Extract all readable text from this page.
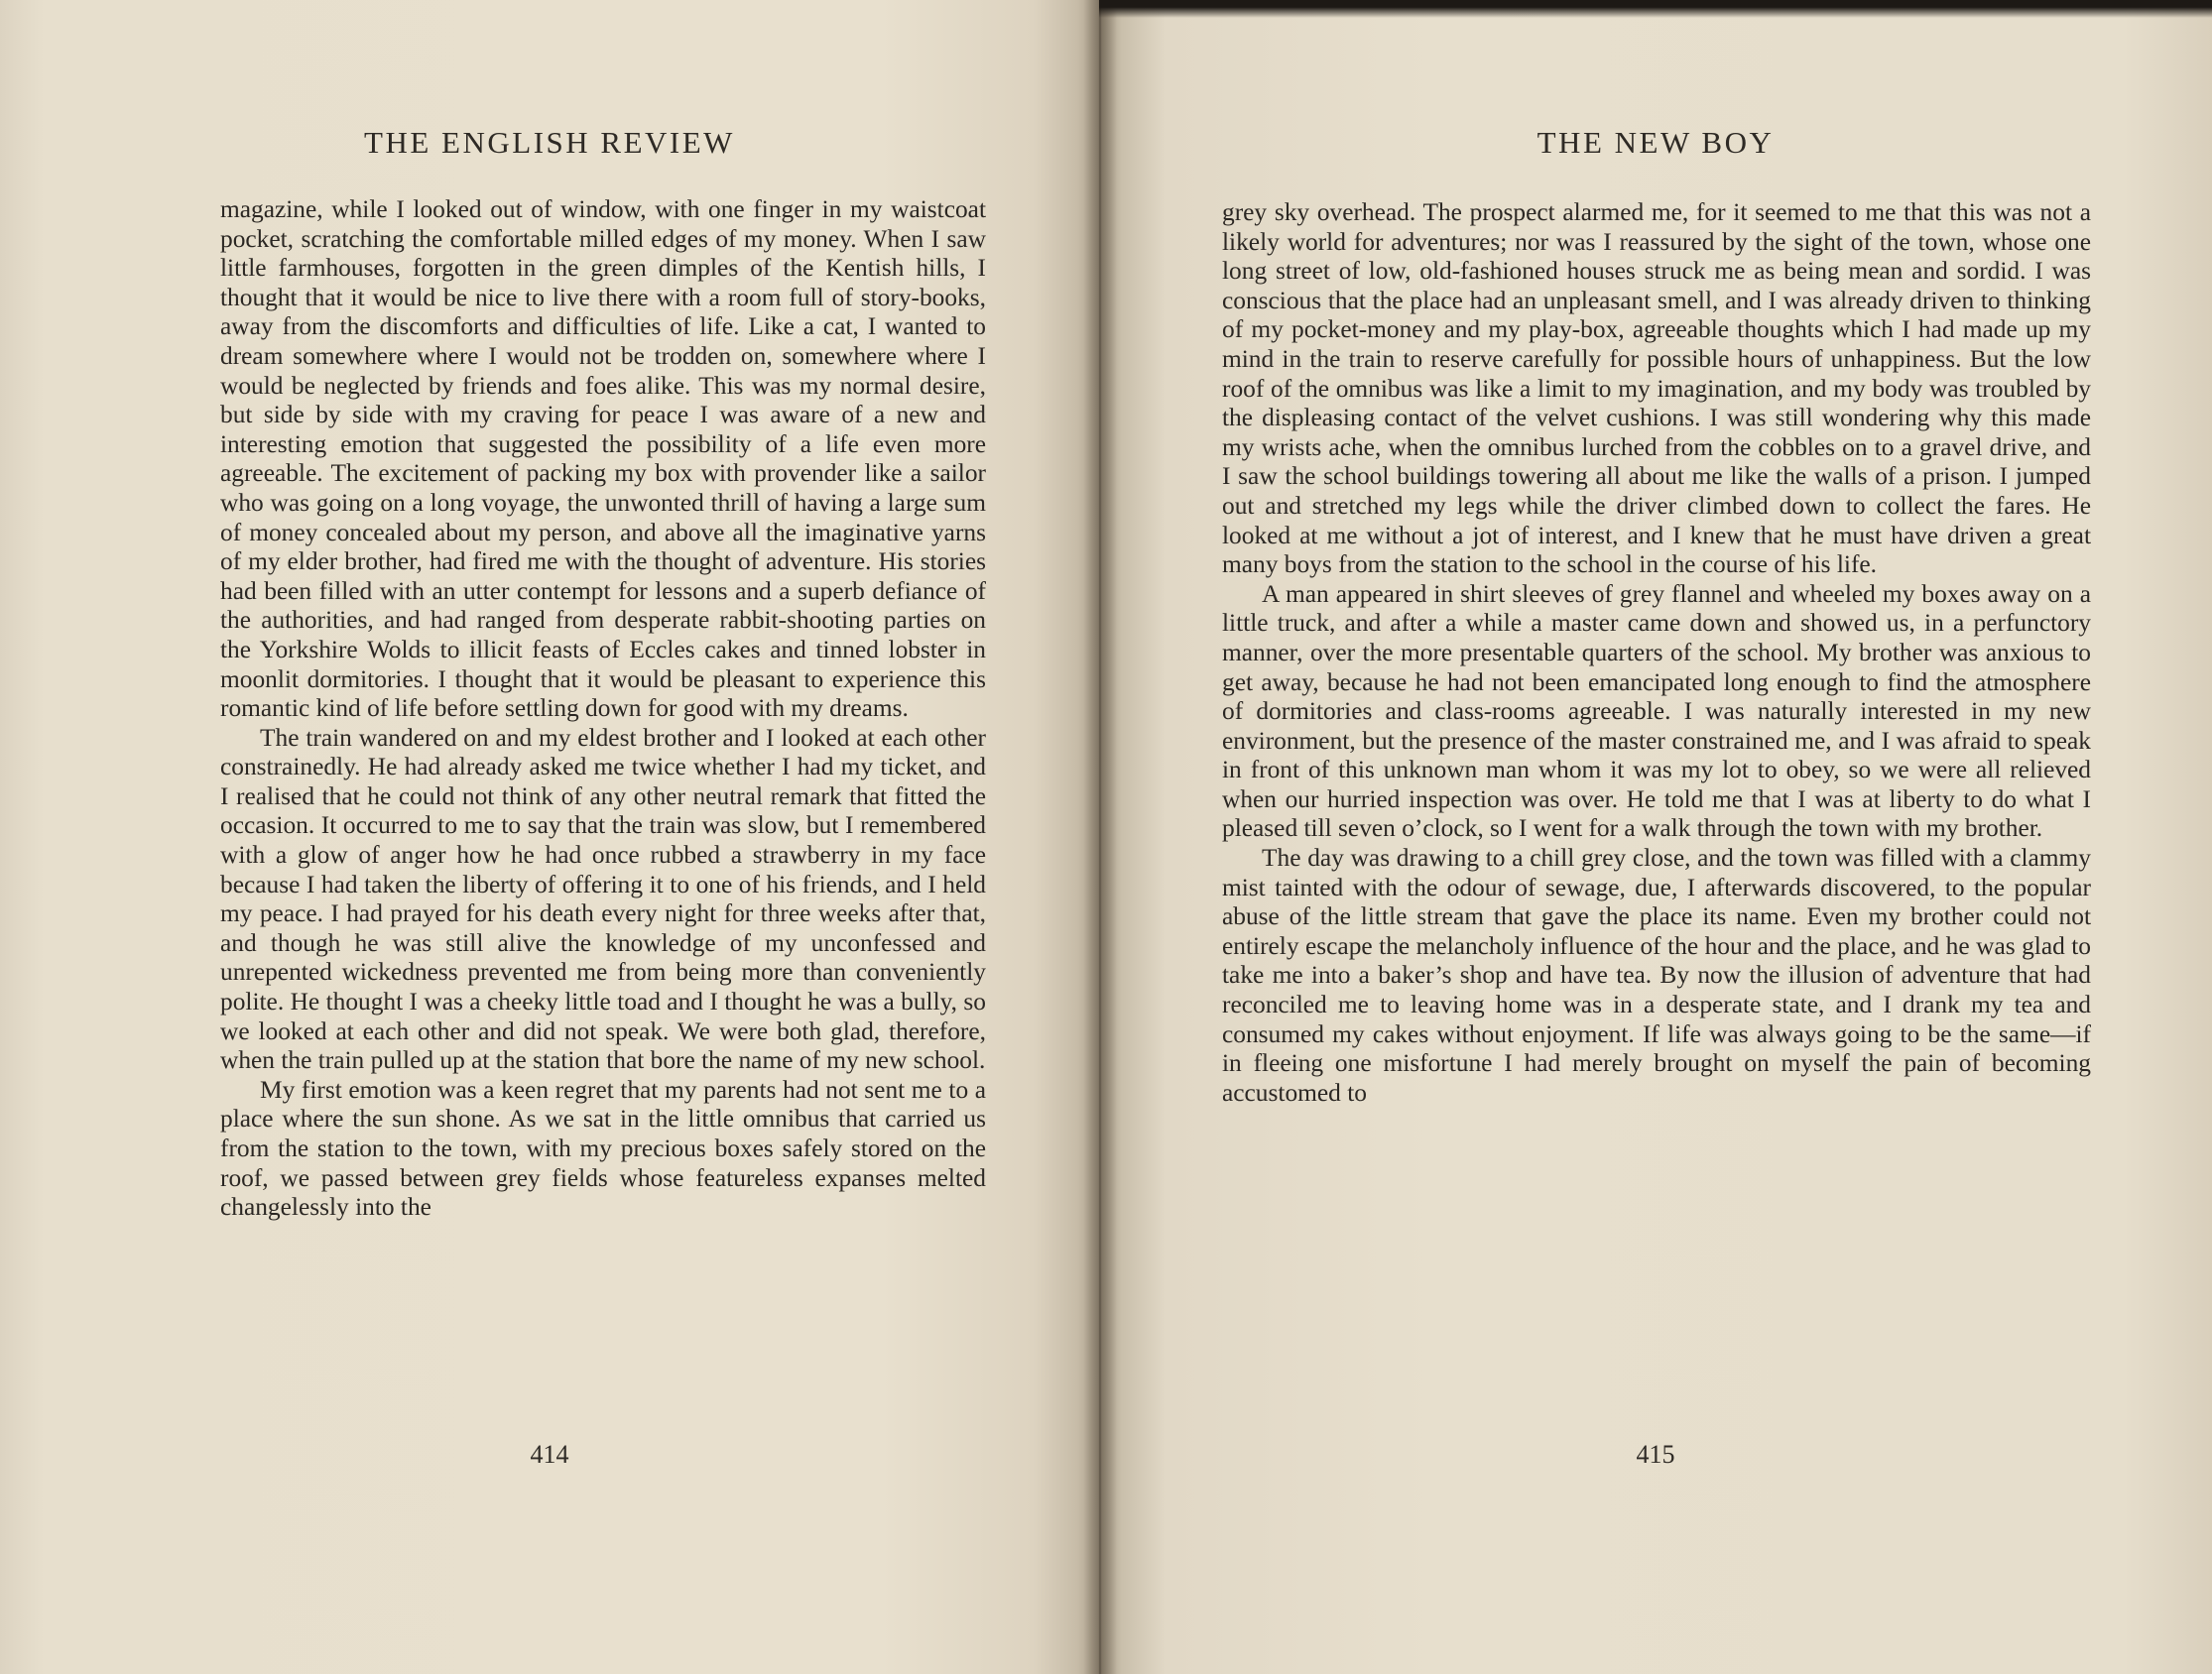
THE ENGLISH REVIEW

magazine, while I looked out of window, with one finger in my waistcoat pocket, scratching the comfortable milled edges of my money. When I saw little farmhouses, forgotten in the green dimples of the Kentish hills, I thought that it would be nice to live there with a room full of story-books, away from the discomforts and difficulties of life. Like a cat, I wanted to dream somewhere where I would not be trodden on, somewhere where I would be neglected by friends and foes alike. This was my normal desire, but side by side with my craving for peace I was aware of a new and interesting emotion that suggested the possibility of a life even more agreeable. The excitement of packing my box with provender like a sailor who was going on a long voyage, the unwonted thrill of having a large sum of money concealed about my person, and above all the imaginative yarns of my elder brother, had fired me with the thought of adventure. His stories had been filled with an utter contempt for lessons and a superb defiance of the authorities, and had ranged from desperate rabbit-shooting parties on the Yorkshire Wolds to illicit feasts of Eccles cakes and tinned lobster in moonlit dormitories. I thought that it would be pleasant to experience this romantic kind of life before settling down for good with my dreams.

The train wandered on and my eldest brother and I looked at each other constrainedly. He had already asked me twice whether I had my ticket, and I realised that he could not think of any other neutral remark that fitted the occasion. It occurred to me to say that the train was slow, but I remembered with a glow of anger how he had once rubbed a strawberry in my face because I had taken the liberty of offering it to one of his friends, and I held my peace. I had prayed for his death every night for three weeks after that, and though he was still alive the knowledge of my unconfessed and unrepented wickedness prevented me from being more than conveniently polite. He thought I was a cheeky little toad and I thought he was a bully, so we looked at each other and did not speak. We were both glad, therefore, when the train pulled up at the station that bore the name of my new school.

My first emotion was a keen regret that my parents had not sent me to a place where the sun shone. As we sat in the little omnibus that carried us from the station to the town, with my precious boxes safely stored on the roof, we passed between grey fields whose featureless expanses melted changelessly into the

414
THE NEW BOY

grey sky overhead. The prospect alarmed me, for it seemed to me that this was not a likely world for adventures; nor was I reassured by the sight of the town, whose one long street of low, old-fashioned houses struck me as being mean and sordid. I was conscious that the place had an unpleasant smell, and I was already driven to thinking of my pocket-money and my play-box, agreeable thoughts which I had made up my mind in the train to reserve carefully for possible hours of unhappiness. But the low roof of the omnibus was like a limit to my imagination, and my body was troubled by the displeasing contact of the velvet cushions. I was still wondering why this made my wrists ache, when the omnibus lurched from the cobbles on to a gravel drive, and I saw the school buildings towering all about me like the walls of a prison. I jumped out and stretched my legs while the driver climbed down to collect the fares. He looked at me without a jot of interest, and I knew that he must have driven a great many boys from the station to the school in the course of his life.

A man appeared in shirt sleeves of grey flannel and wheeled my boxes away on a little truck, and after a while a master came down and showed us, in a perfunctory manner, over the more presentable quarters of the school. My brother was anxious to get away, because he had not been emancipated long enough to find the atmosphere of dormitories and class-rooms agreeable. I was naturally interested in my new environment, but the presence of the master constrained me, and I was afraid to speak in front of this unknown man whom it was my lot to obey, so we were all relieved when our hurried inspection was over. He told me that I was at liberty to do what I pleased till seven o’clock, so I went for a walk through the town with my brother.

The day was drawing to a chill grey close, and the town was filled with a clammy mist tainted with the odour of sewage, due, I afterwards discovered, to the popular abuse of the little stream that gave the place its name. Even my brother could not entirely escape the melancholy influence of the hour and the place, and he was glad to take me into a baker’s shop and have tea. By now the illusion of adventure that had reconciled me to leaving home was in a desperate state, and I drank my tea and consumed my cakes without enjoyment. If life was always going to be the same—if in fleeing one misfortune I had merely brought on myself the pain of becoming accustomed to

415
